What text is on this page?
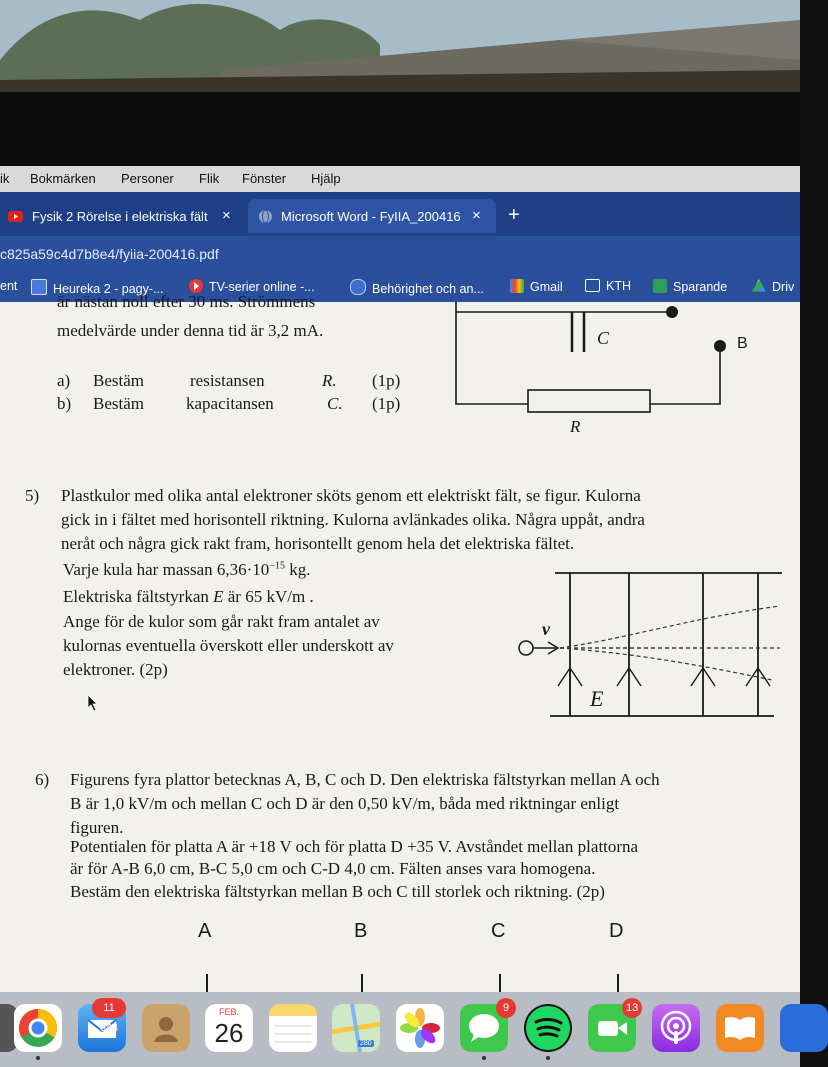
ik Bokmärken Personer Flik Fönster Hjälp
Fysik 2 Rörelse i elektriska fält ×	Microsoft Word - FyIIA_200416 × +
c825a59c4d7b8e4/fyiia-200416.pdf
ent	Heureka 2 - pagy-...	TV-serier online -...	Behörighet och an...	Gmail	KTH	Sparande	Driv
är nästan noll efter 30 ms. Strömmens
medelvärde under denna tid är 3,2 mA.
a) Bestäm	resistansen	R. (1p)
b) Bestäm kapacitansen	C. (1p)
C	B
R
5) Plastkulor med olika antal elektroner sköts genom ett elektriskt fält, se figur. Kulorna
gick in i fältet med horisontell riktning. Kulorna avlänkades olika. Några uppåt, andra
neråt och några gick rakt fram, horisontellt genom hela det elektriska fältet.
Varje kula har massan $6,36\cdot 10^{-15}$ kg.
Elektriska fältstyrkan E är 65 kV/m .
Ange för de kulor som går rakt fram antalet av
kulornas eventuella överskott eller underskott av
elektroner. (2p)
v
E
6) Figurens fyra plattor betecknas A, B, C och D. Den elektriska fältstyrkan mellan A och
B är 1,0 kV/m och mellan C och D är den 0,50 kV/m, båda med riktningar enligt
figuren.
Potentialen för platta A är +18 V och för platta D +35 V. Avståndet mellan plattorna
är för A-B 6,0 cm, B-C 5,0 cm och C-D 4,0 cm. Fälten anses vara homogena.
Bestäm den elektriska fältstyrkan mellan B och C till storlek och riktning. (2p)
A	B	C	D
11 644
FEB.
26	280
9	13
